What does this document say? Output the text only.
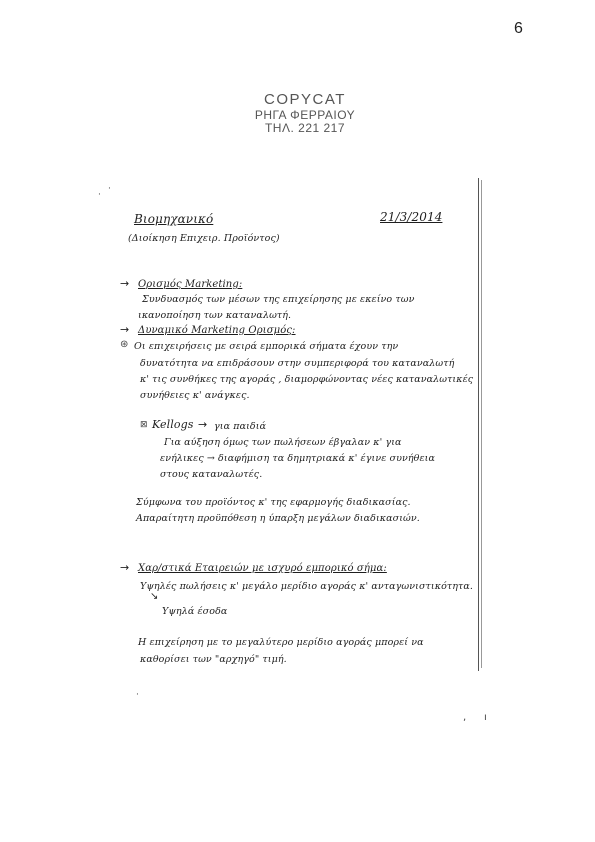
6
COPYCAT
ΡΗΓΑ ΦΕΡΡΑΙΟΥ
ΤΗΛ. 221 217
·
·
Βιομηχανικό
(Διοίκηση Επιχειρ. Προϊόντος)
21/3/2014
→ Ορισμός Marketing:
Συνδυασμός των μέσων της επιχείρησης με εκείνο των
ικανοποίηση των καταναλωτή.
→ Δυναμικό Marketing Ορισμός:
⊛ Οι επιχειρήσεις με σειρά εμπορικά σήματα έχουν την
δυνατότητα να επιδράσουν στην συμπεριφορά του καταναλωτή
κ' τις συνθήκες της αγοράς , διαμορφώνοντας νέες καταναλωτικές
συνήθειες κ' ανάγκες.
⊠ Kellogs → για παιδιά
Για αύξηση όμως των πωλήσεων έβγαλαν κ' για
ενήλικες → διαφήμιση τα δημητριακά κ' έγινε συνήθεια
στους καταναλωτές.
Σύμφωνα του προϊόντος κ' της εφαρμογής διαδικασίας.
Απαραίτητη προϋπόθεση η ύπαρξη μεγάλων διαδικασιών.
→ Χαρ/στικά Εταιρειών με ισχυρό εμπορικό σήμα:
Υψηλές πωλήσεις κ' μεγάλο μερίδιο αγοράς κ' ανταγωνιστικότητα.
↘
Υψηλά έσοδα
Η επιχείρηση με το μεγαλύτερο μερίδιο αγοράς μπορεί να
καθορίσει των "αρχηγό" τιμή.
·
, ı
